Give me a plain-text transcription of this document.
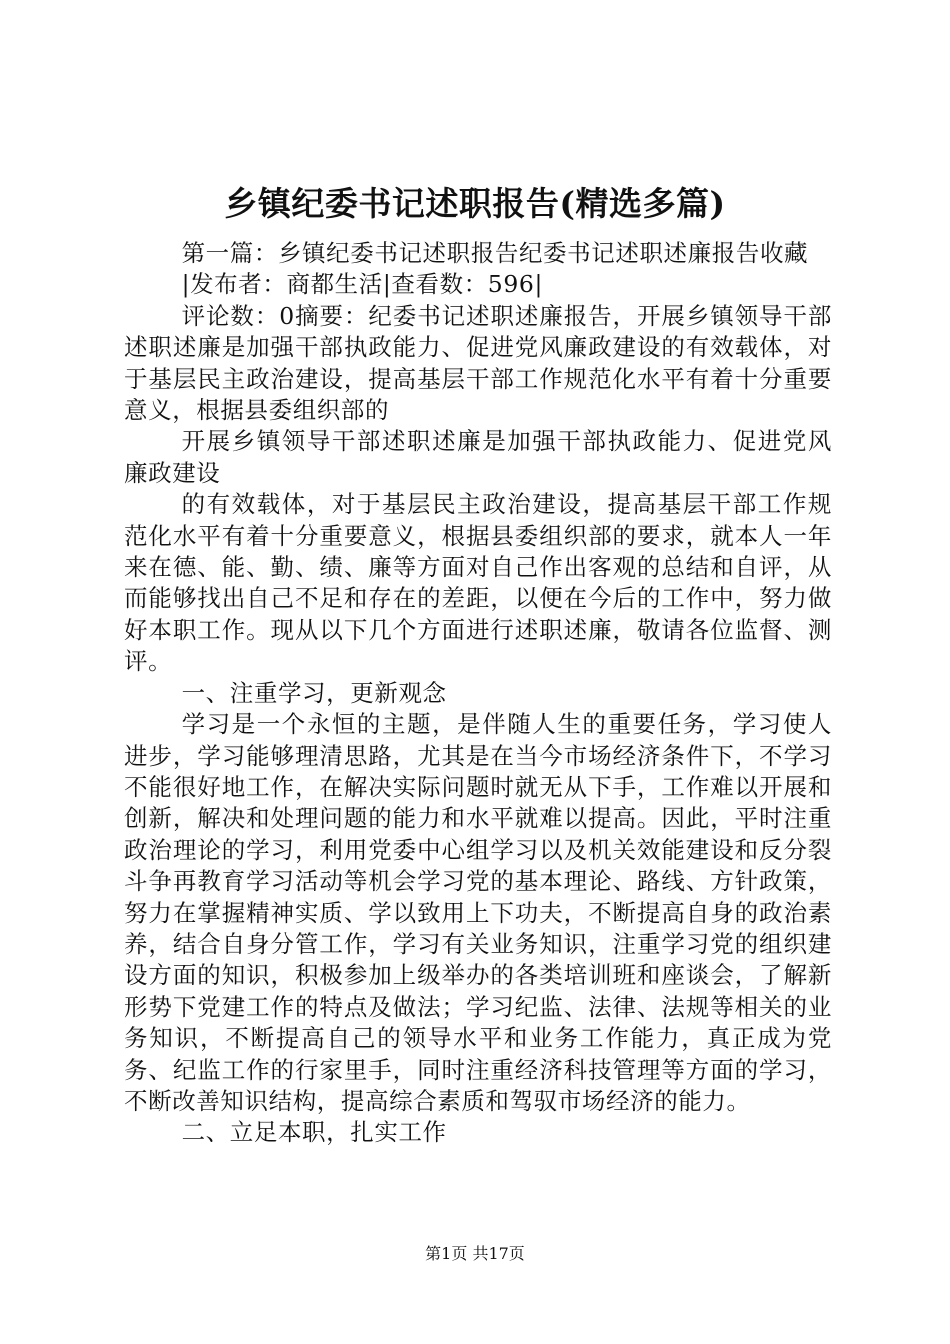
乡镇纪委书记述职报告(精选多篇)

第一篇：乡镇纪委书记述职报告纪委书记述职述廉报告收藏

|发布者：商都生活|查看数：596|

评论数：0摘要：纪委书记述职述廉报告，开展乡镇领导干部述职述廉是加强干部执政能力、促进党风廉政建设的有效载体，对于基层民主政治建设，提高基层干部工作规范化水平有着十分重要意义，根据县委组织部的

开展乡镇领导干部述职述廉是加强干部执政能力、促进党风廉政建设

的有效载体，对于基层民主政治建设，提高基层干部工作规范化水平有着十分重要意义，根据县委组织部的要求，就本人一年来在德、能、勤、绩、廉等方面对自己作出客观的总结和自评，从而能够找出自己不足和存在的差距，以便在今后的工作中，努力做好本职工作。现从以下几个方面进行述职述廉，敬请各位监督、测评。

一、注重学习，更新观念

学习是一个永恒的主题，是伴随人生的重要任务，学习使人进步，学习能够理清思路，尤其是在当今市场经济条件下，不学习不能很好地工作，在解决实际问题时就无从下手，工作难以开展和创新，解决和处理问题的能力和水平就难以提高。因此，平时注重政治理论的学习，利用党委中心组学习以及机关效能建设和反分裂斗争再教育学习活动等机会学习党的基本理论、路线、方针政策，努力在掌握精神实质、学以致用上下功夫，不断提高自身的政治素养，结合自身分管工作，学习有关业务知识，注重学习党的组织建设方面的知识，积极参加上级举办的各类培训班和座谈会，了解新形势下党建工作的特点及做法；学习纪监、法律、法规等相关的业务知识，不断提高自己的领导水平和业务工作能力，真正成为党务、纪监工作的行家里手，同时注重经济科技管理等方面的学习，不断改善知识结构，提高综合素质和驾驭市场经济的能力。

二、立足本职，扎实工作

第1页 共17页
